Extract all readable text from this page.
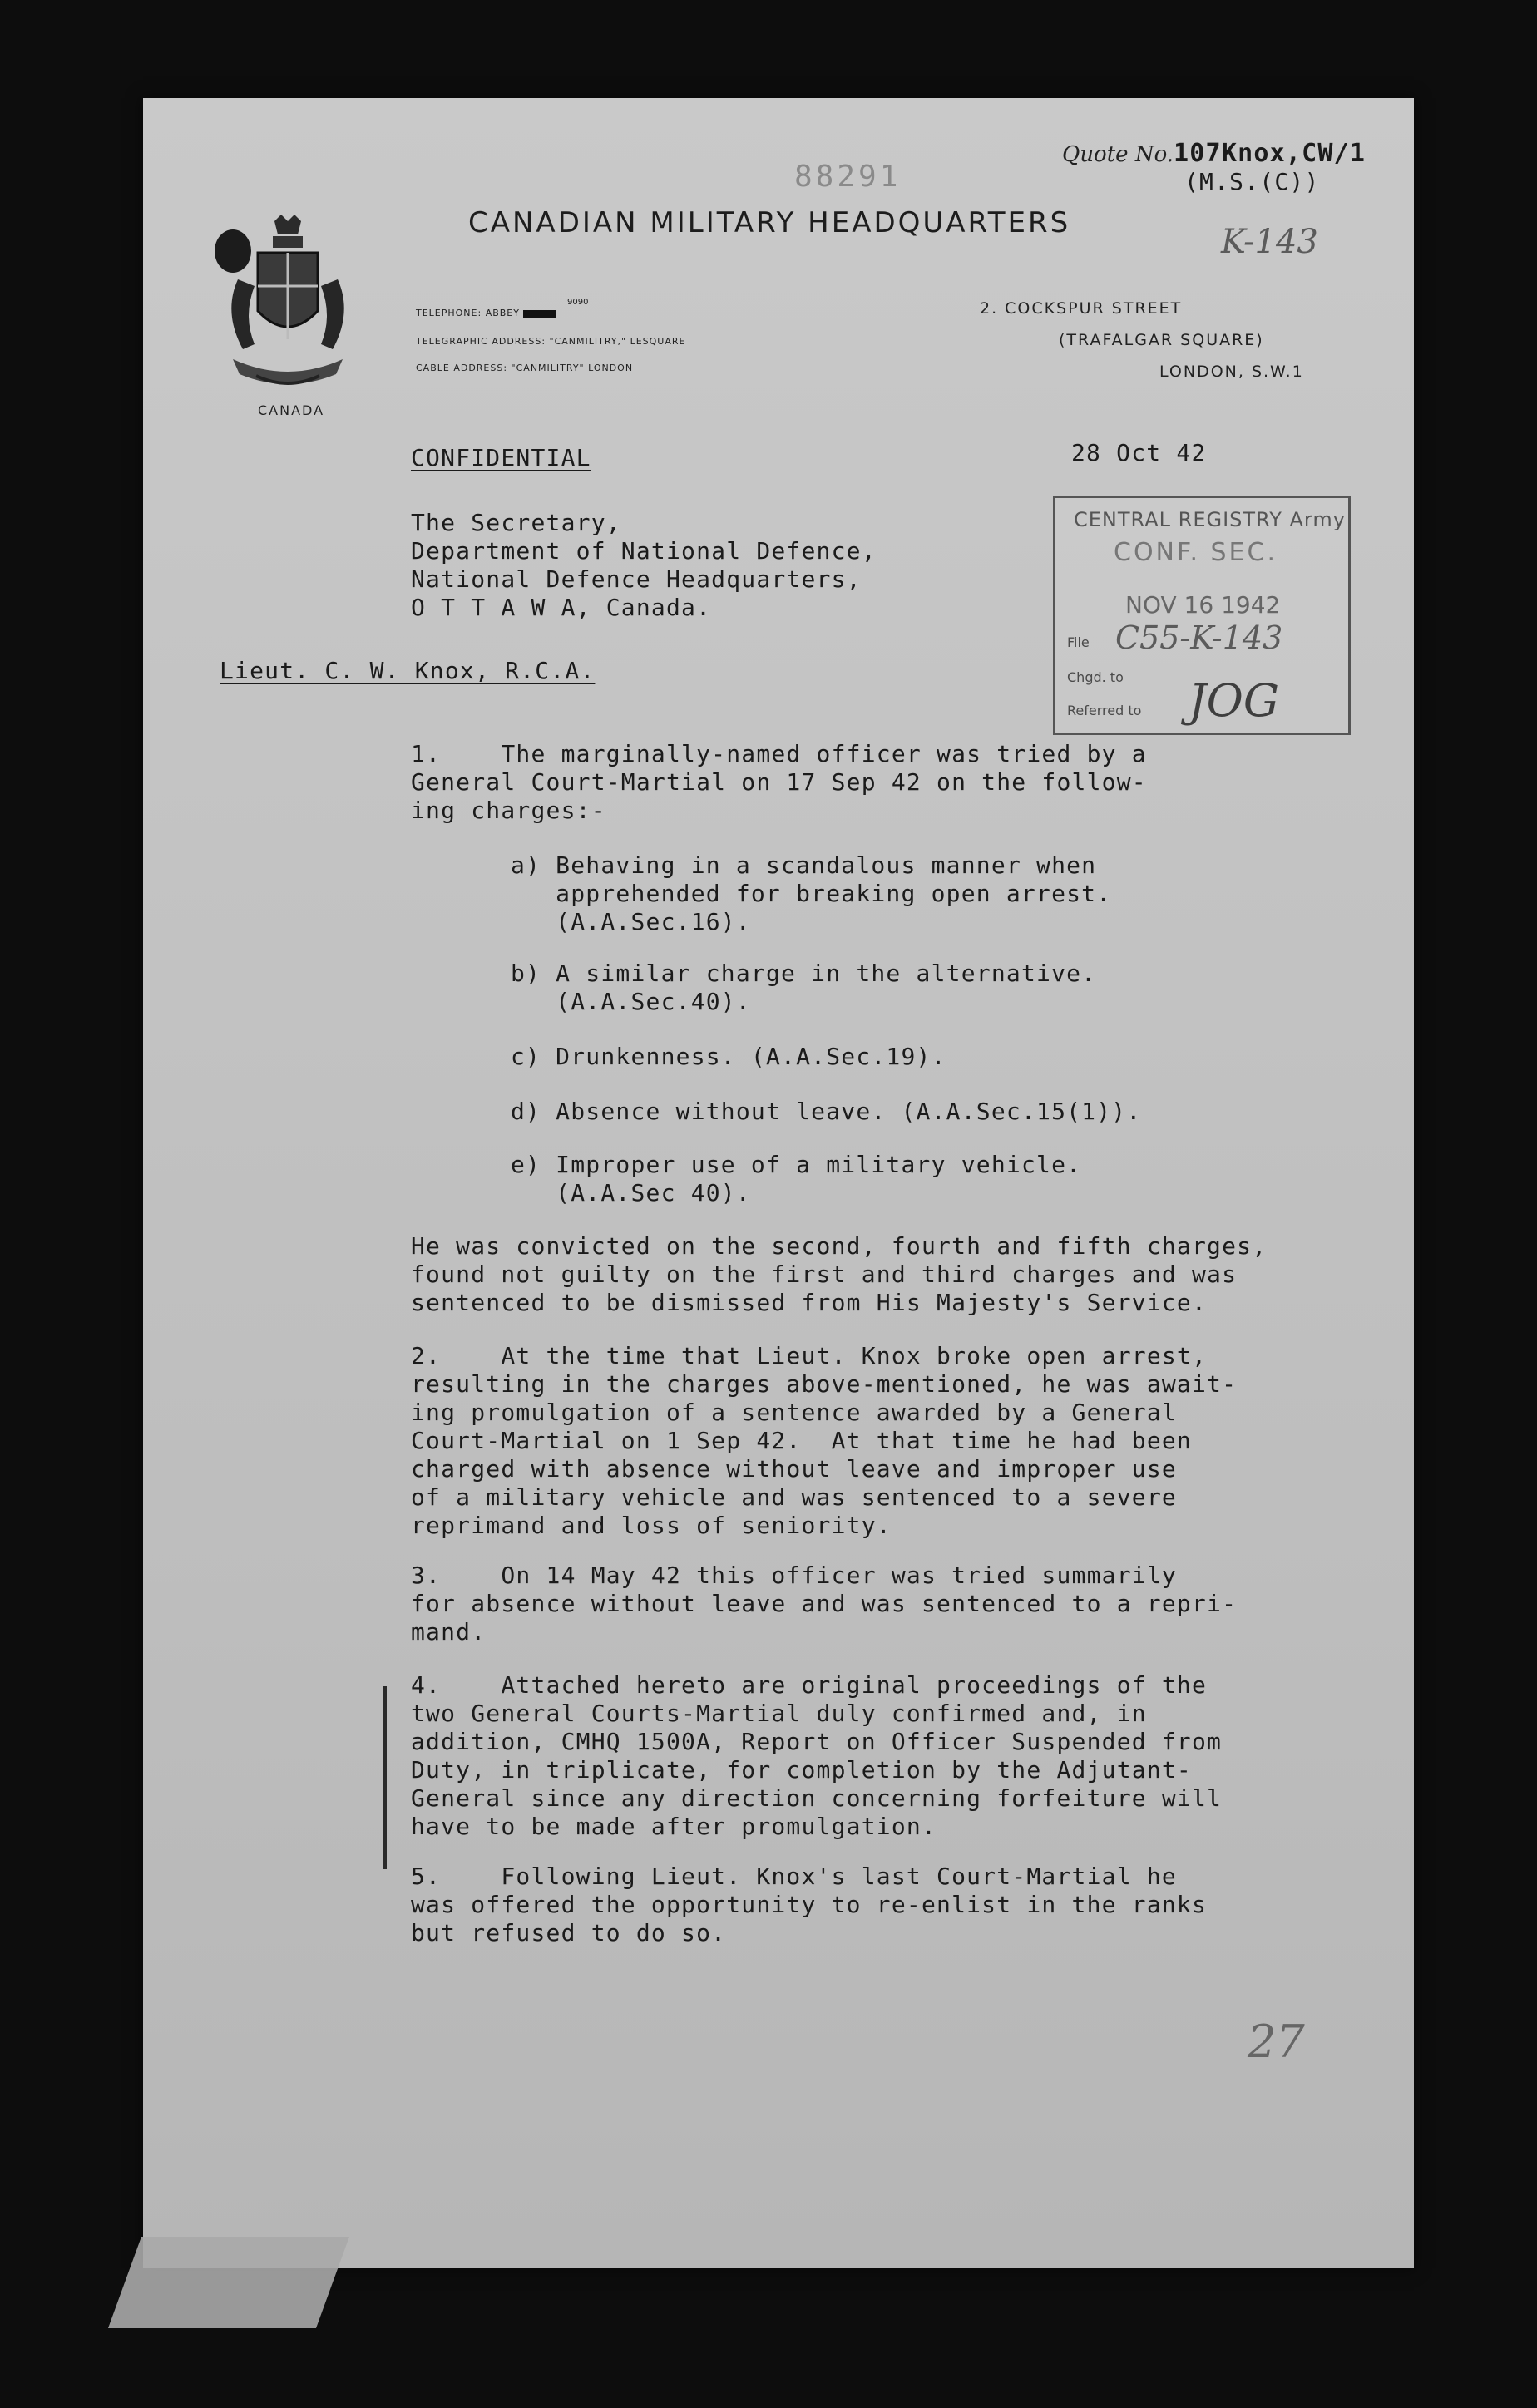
88291
Quote No.107Knox,CW/1
(M.S.(C))
CANADIAN MILITARY HEADQUARTERS	K-143
CANADA
TELEPHONE: ABBEY
9090
TELEGRAPHIC ADDRESS: "CANMILITRY," LESQUARE
CABLE ADDRESS: "CANMILITRY" LONDON
2. COCKSPUR STREET
(TRAFALGAR SQUARE)
LONDON, S.W.1
CONFIDENTIAL	28 Oct 42
The Secretary,
Department of National Defence,
National Defence Headquarters,
O T T A W A, Canada.
CENTRAL REGISTRY Army
CONF. SEC.
NOV 16 1942
File C55-K-143
Chgd. to
Referred to JOG
Lieut. C. W. Knox, R.C.A.
1.    The marginally-named officer was tried by a
General Court-Martial on 17 Sep 42 on the follow-
ing charges:-
a) Behaving in a scandalous manner when
apprehended for breaking open arrest.
(A.A.Sec.16).
b) A similar charge in the alternative.
(A.A.Sec.40).
c) Drunkenness. (A.A.Sec.19).
d) Absence without leave. (A.A.Sec.15(1)).
e) Improper use of a military vehicle.
(A.A.Sec 40).
He was convicted on the second, fourth and fifth charges,
found not guilty on the first and third charges and was
sentenced to be dismissed from His Majesty's Service.
2.    At the time that Lieut. Knox broke open arrest,
resulting in the charges above-mentioned, he was await-
ing promulgation of a sentence awarded by a General
Court-Martial on 1 Sep 42.  At that time he had been
charged with absence without leave and improper use
of a military vehicle and was sentenced to a severe
reprimand and loss of seniority.
3.    On 14 May 42 this officer was tried summarily
for absence without leave and was sentenced to a repri-
mand.
4.    Attached hereto are original proceedings of the
two General Courts-Martial duly confirmed and, in
addition, CMHQ 1500A, Report on Officer Suspended from
Duty, in triplicate, for completion by the Adjutant-
General since any direction concerning forfeiture will
have to be made after promulgation.
5.    Following Lieut. Knox's last Court-Martial he
was offered the opportunity to re-enlist in the ranks
but refused to do so.
27
